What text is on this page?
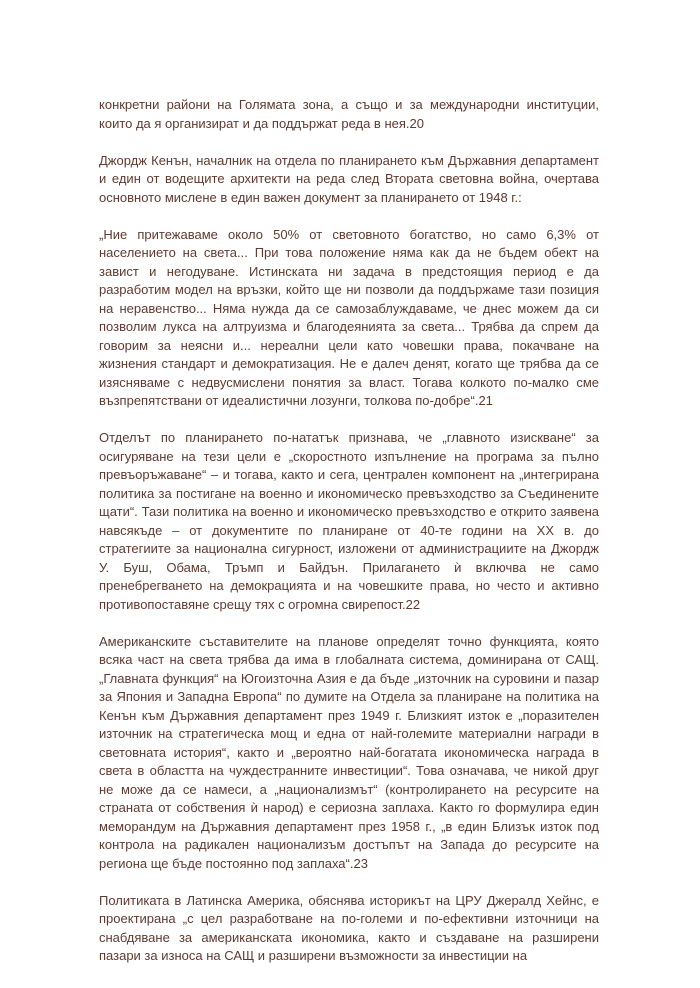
конкретни райони на Голямата зона, а също и за международни институции, които да я организират и да поддържат реда в нея.20

Джордж Кенън, началник на отдела по планирането към Държавния департамент и един от водещите архитекти на реда след Втората световна война, очертава основното мислене в един важен документ за планирането от 1948 г.:

„Ние притежаваме около 50% от световното богатство, но само 6,3% от населението на света... При това положение няма как да не бъдем обект на завист и негодуване. Истинската ни задача в предстоящия период е да разработим модел на връзки, който ще ни позволи да поддържаме тази позиция на неравенство... Няма нужда да се самозаблуждаваме, че днес можем да си позволим лукса на алтруизма и благодеянията за света... Трябва да спрем да говорим за неясни и... нереални цели като човешки права, покачване на жизнения стандарт и демократизация. Не е далеч денят, когато ще трябва да се изясняваме с недвусмислени понятия за власт. Тогава колкото по-малко сме възпрепятствани от идеалистични лозунги, толкова по-добре“.21

Отделът по планирането по-нататък признава, че „главното изискване“ за осигуряване на тези цели е „скоростното изпълнение на програма за пълно превъоръжаване“ – и тогава, както и сега, централен компонент на „интегрирана политика за постигане на военно и икономическо превъзходство за Съединените щати“. Тази политика на военно и икономическо превъзходство е открито заявена навсякъде – от документите по планиране от 40-те години на XX в. до стратегиите за национална сигурност, изложени от администрациите на Джордж У. Буш, Обама, Тръмп и Байдън. Прилагането ѝ включва не само пренебрегването на демокрацията и на човешките права, но често и активно противопоставяне срещу тях с огромна свирепост.22

Американските съставителите на планове определят точно функцията, която всяка част на света трябва да има в глобалната система, доминирана от САЩ. „Главната функция“ на Югоизточна Азия е да бъде „източник на суровини и пазар за Япония и Западна Европа“ по думите на Отдела за планиране на политика на Кенън към Държавния департамент през 1949 г. Близкият изток е „поразителен източник на стратегическа мощ и една от най-големите материални награди в световната история“, както и „вероятно най-богатата икономическа награда в света в областта на чуждестранните инвестиции“. Това означава, че никой друг не може да се намеси, а „национализмът“ (контролирането на ресурсите на страната от собствения ѝ народ) е сериозна заплаха. Както го формулира един меморандум на Държавния департамент през 1958 г., „в един Близък изток под контрола на радикален национализъм достъпът на Запада до ресурсите на региона ще бъде постоянно под заплаха“.23

Политиката в Латинска Америка, обяснява историкът на ЦРУ Джералд Хейнс, е проектирана „с цел разработване на по-големи и по-ефективни източници на снабдяване за американската икономика, както и създаване на разширени пазари за износа на САЩ и разширени възможности за инвестиции на
